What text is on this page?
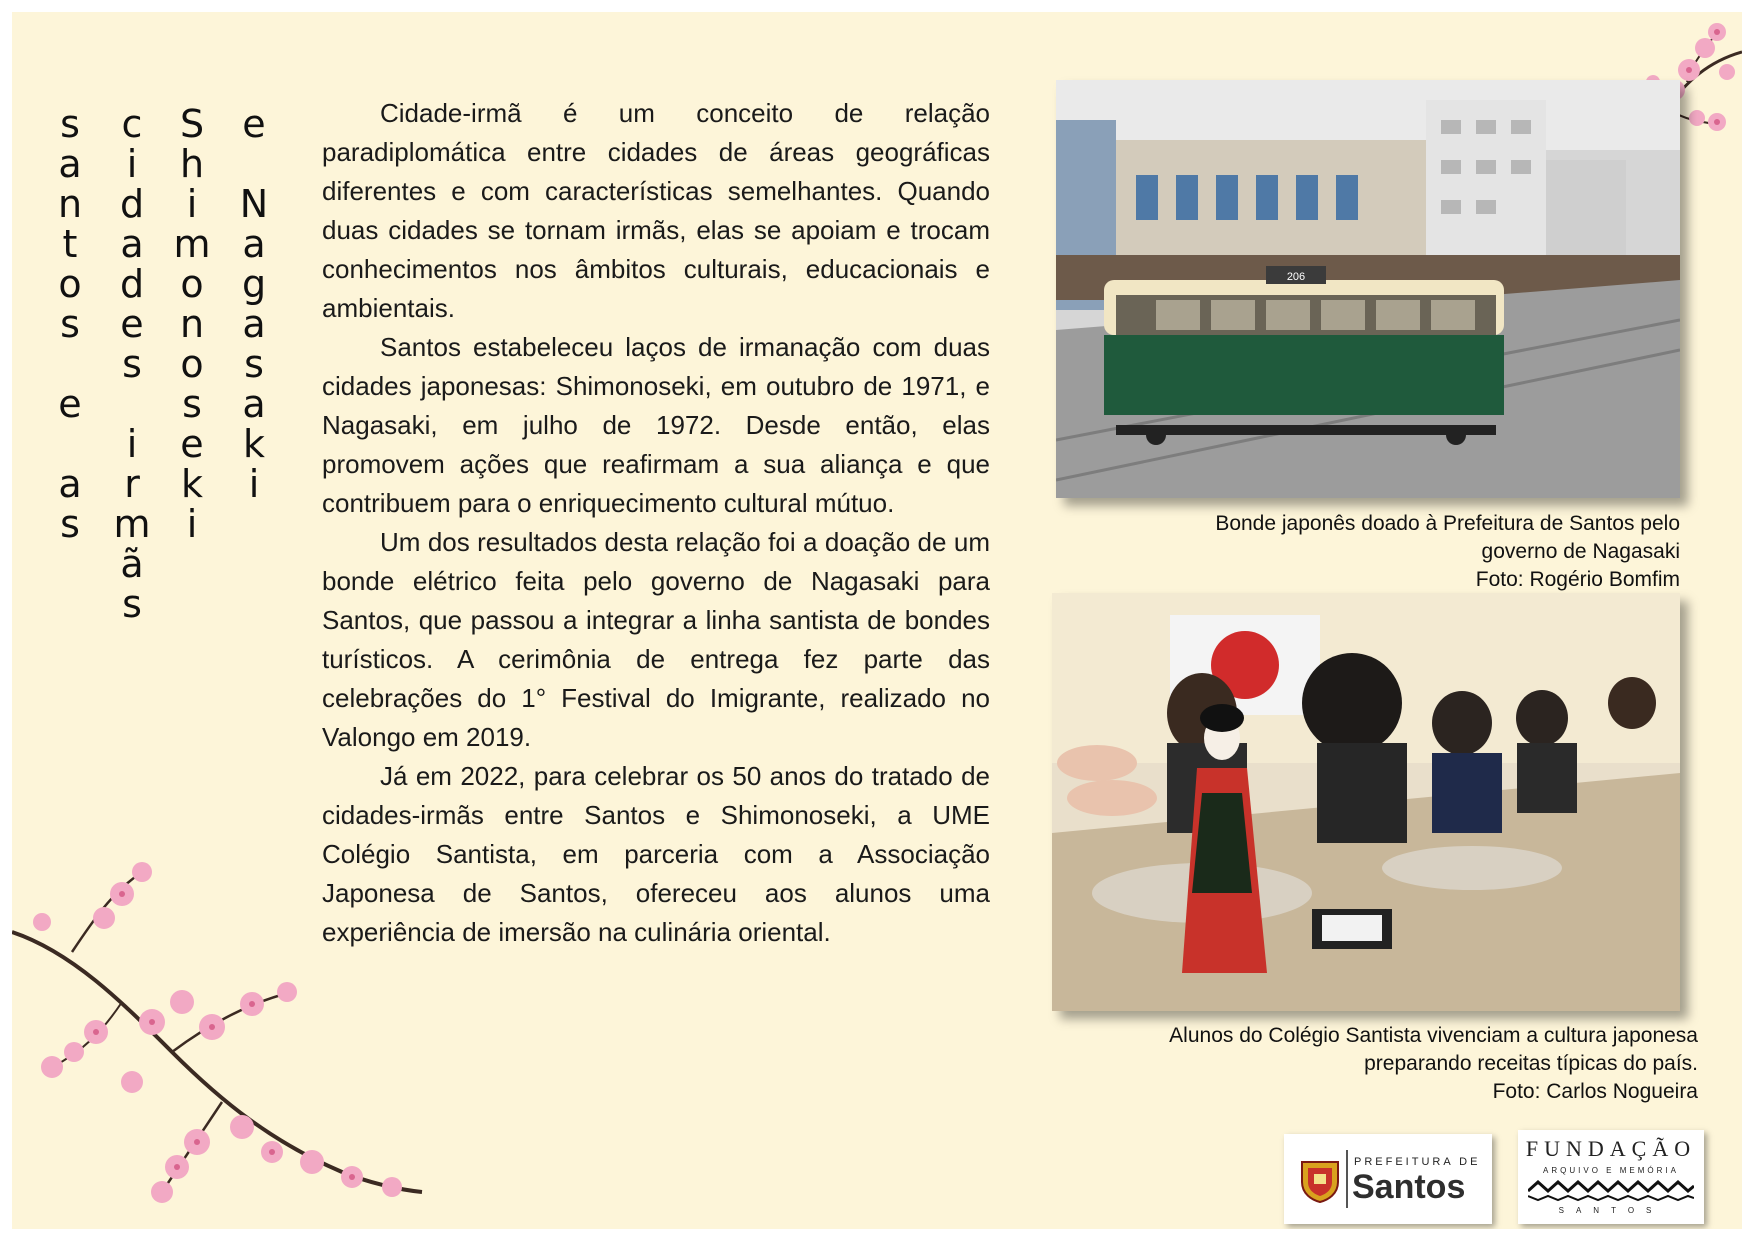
s
a
n
t
o
s
e
a
s
c
i
d
a
d
e
s
i
r
m
ã
s
S
h
i
m
o
n
o
s
e
k
i
e
N
a
g
a
s
a
k
i

Cidade-irmã é um conceito de relação paradiplomática entre cidades de áreas geográficas diferentes e com características semelhantes. Quando duas cidades se tornam irmãs, elas se apoiam e trocam conhecimentos nos âmbitos culturais, educacionais e ambientais.

Santos estabeleceu laços de irmanação com duas cidades japonesas: Shimonoseki, em outubro de 1971, e Nagasaki, em julho de 1972. Desde então, elas promovem ações que reafirmam a sua aliança e que contribuem para o enriquecimento cultural mútuo.

Um dos resultados desta relação foi a doação de um bonde elétrico feita pelo governo de Nagasaki para Santos, que passou a integrar a linha santista de bondes turísticos. A cerimônia de entrega fez parte das celebrações do 1° Festival do Imigrante, realizado no Valongo em 2019.

Já em 2022, para celebrar os 50 anos do tratado de cidades-irmãs entre Santos e Shimonoseki, a UME Colégio Santista, em parceria com a Associação Japonesa de Santos, ofereceu aos alunos uma experiência de imersão na culinária oriental.

206
Bonde japonês doado à Prefeitura de Santos pelo
governo de Nagasaki
Foto: Rogério Bomfim
Alunos do Colégio Santista vivenciam a cultura japonesa
preparando receitas típicas do país.
Foto: Carlos Nogueira
PREFEITURA DE
Santos
FUNDAÇÃO
ARQUIVO E MEMÓRIA
SANTOS
